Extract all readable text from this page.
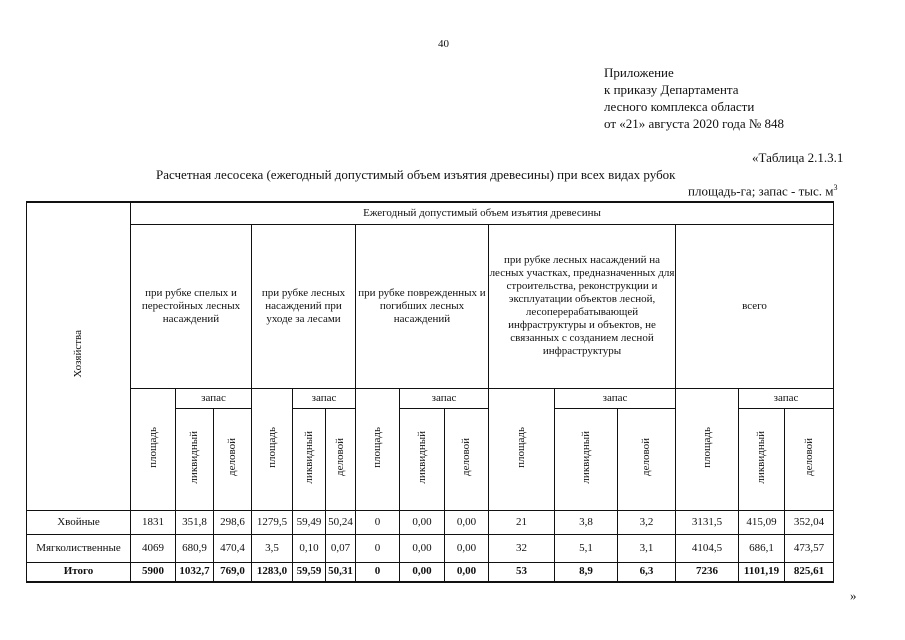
40
Приложение
к приказу Департамента
лесного комплекса области
от «21» августа 2020 года № 848
«Таблица 2.1.3.1
Расчетная лесосека (ежегодный допустимый объем изъятия древесины) при всех видах рубок
площадь-га; запас - тыс. $м^3$
Хозяйства	Ежегодный допустимый объем изъятия древесины														
	при рубке спелых и перестойных лесных насаждений			при рубке лесных насаждений при уходе за лесами			при рубке поврежденных и погибших лесных насаждений			при рубке лесных насаждений на лесных участках, предназначенных для строительства, реконструкции и эксплуатации объектов лесной, лесоперерабатывающей инфраструктуры и объектов, не связанных с созданием лесной инфраструктуры			всего		
	площадь	запас		площадь	запас		площадь	запас		площадь	запас		площадь	запас	
		ликвидный	деловой		ликвидный	деловой		ликвидный	деловой		ликвидный	деловой		ликвидный	деловой
Хвойные	1831	351,8	298,6	1279,5	59,49	50,24	0	0,00	0,00	21	3,8	3,2	3131,5	415,09	352,04
Мягколиственные	4069	680,9	470,4	3,5	0,10	0,07	0	0,00	0,00	32	5,1	3,1	4104,5	686,1	473,57
Итого	5900	1032,7	769,0	1283,0	59,59	50,31	0	0,00	0,00	53	8,9	6,3	7236	1101,19	825,61
»
